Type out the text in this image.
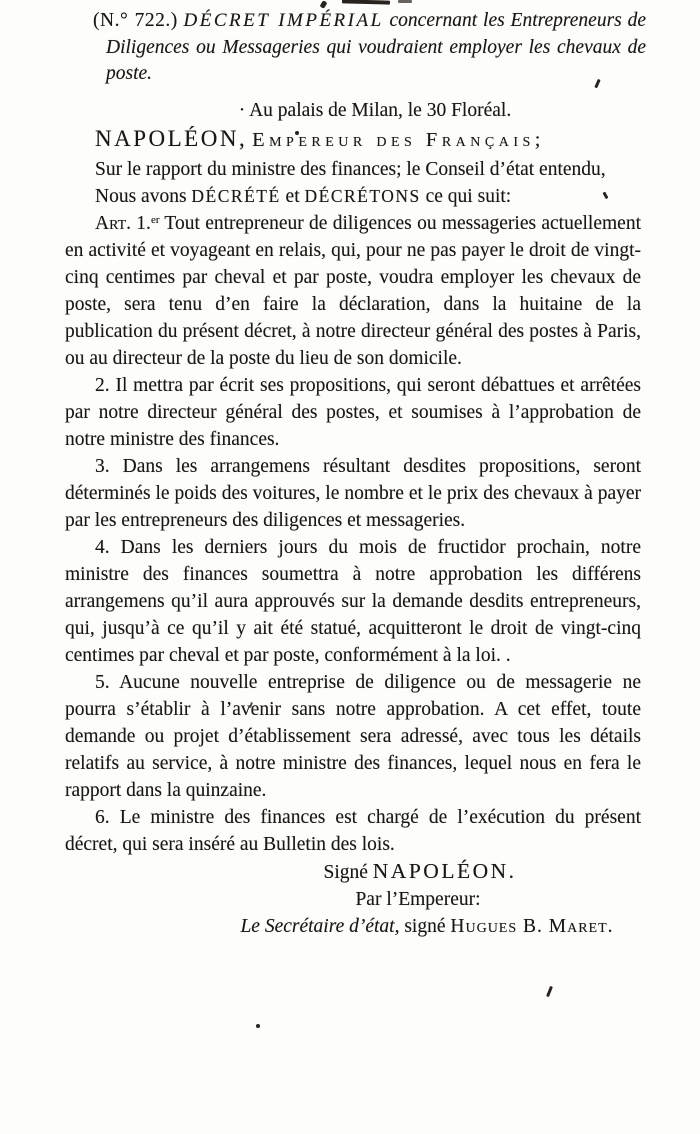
(N.° 722.) DÉCRET IMPÉRIAL concernant les Entrepreneurs de Diligences ou Messageries qui voudraient employer les chevaux de poste.

· Au palais de Milan, le 30 Floréal.

NAPOLÉON, Empereur des Français;

Sur le rapport du ministre des finances; le Conseil d’état entendu,

Nous avons DÉCRÉTÉ et DÉCRÉTONS ce qui suit:

Art. 1.$^{er}$ Tout entrepreneur de diligences ou messageries actuellement en activité et voyageant en relais, qui, pour ne pas payer le droit de vingt-cinq centimes par cheval et par poste, voudra employer les chevaux de poste, sera tenu d’en faire la déclaration, dans la huitaine de la publication du présent décret, à notre directeur général des postes à Paris, ou au directeur de la poste du lieu de son domicile.

2. Il mettra par écrit ses propositions, qui seront débattues et arrêtées par notre directeur général des postes, et soumises à l’approbation de notre ministre des finances.

3. Dans les arrangemens résultant desdites propositions, seront déterminés le poids des voitures, le nombre et le prix des chevaux à payer par les entrepreneurs des diligences et messageries.

4. Dans les derniers jours du mois de fructidor prochain, notre ministre des finances soumettra à notre approbation les différens arrangemens qu’il aura approuvés sur la demande desdits entrepreneurs, qui, jusqu’à ce qu’il y ait été statué, acquitteront le droit de vingt-cinq centimes par cheval et par poste, conformément à la loi. .

5. Aucune nouvelle entreprise de diligence ou de messagerie ne pourra s’établir à l’avenir sans notre approbation. A cet effet, toute demande ou projet d’établissement sera adressé, avec tous les détails relatifs au service, à notre ministre des finances, lequel nous en fera le rapport dans la quinzaine.

6. Le ministre des finances est chargé de l’exécution du présent décret, qui sera inséré au Bulletin des lois.

Signé NAPOLÉON.

Par l’Empereur:

Le Secrétaire d’état, signé Hugues B. Maret.
